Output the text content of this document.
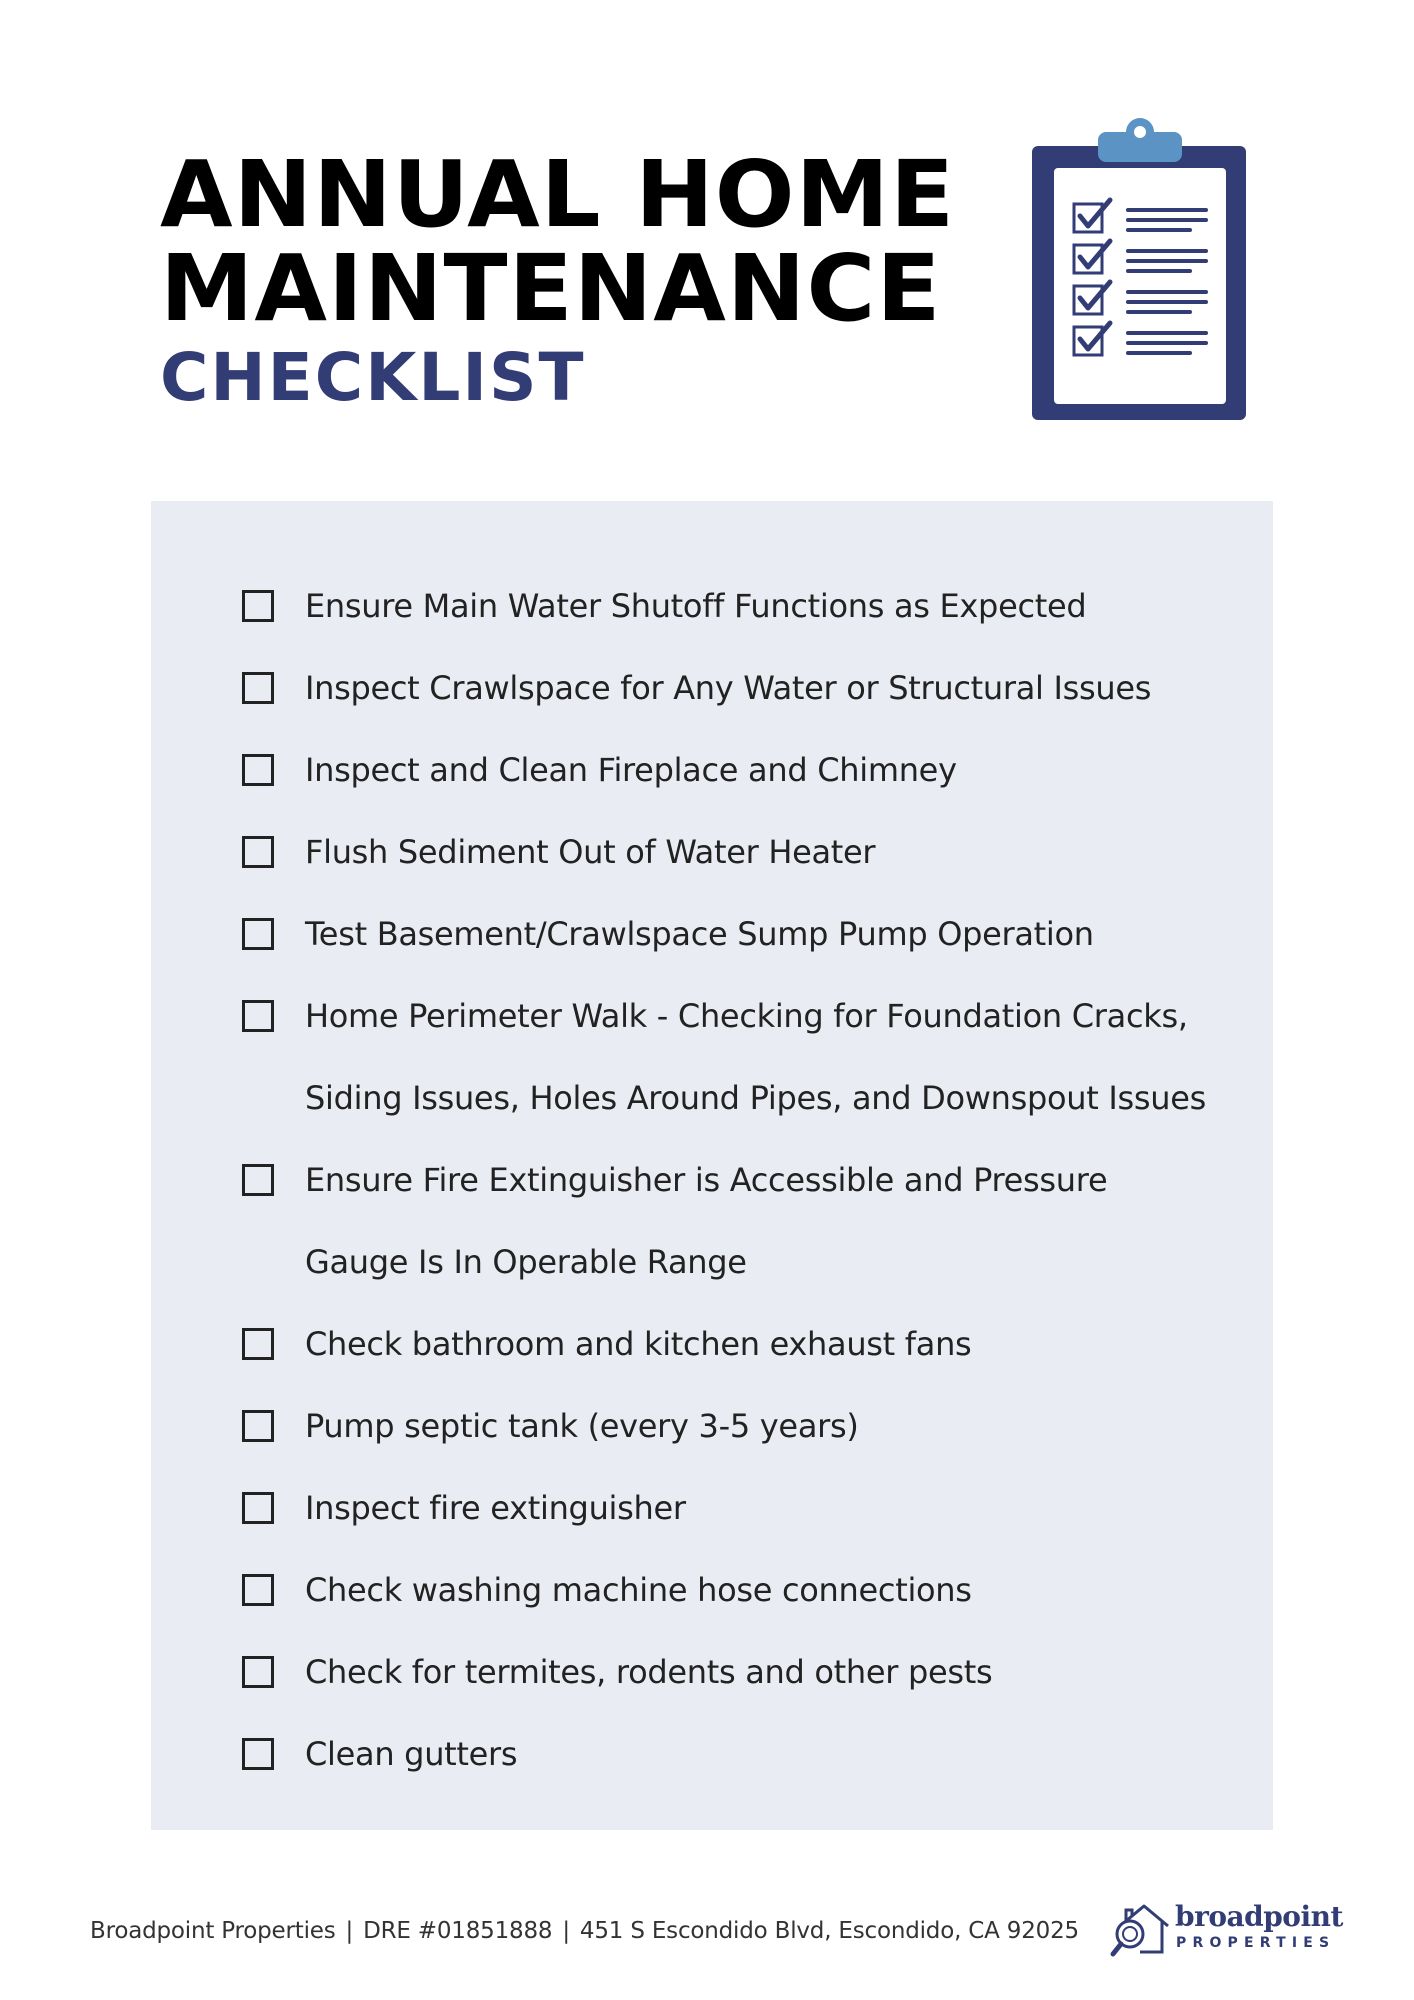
ANNUAL HOME
MAINTENANCE
CHECKLIST
Ensure Main Water Shutoff Functions as Expected
Inspect Crawlspace for Any Water or Structural Issues
Inspect and Clean Fireplace and Chimney
Flush Sediment Out of Water Heater
Test Basement/Crawlspace Sump Pump Operation
Home Perimeter Walk - Checking for Foundation Cracks, Siding Issues, Holes Around Pipes, and Downspout Issues
Ensure Fire Extinguisher is Accessible and Pressure Gauge Is In Operable Range
Check bathroom and kitchen exhaust fans
Pump septic tank (every 3-5 years)
Inspect fire extinguisher
Check washing machine hose connections
Check for termites, rodents and other pests
Clean gutters
Broadpoint Properties | DRE #01851888 | 451 S Escondido Blvd, Escondido, CA 92025	broadpoint
PROPERTIES
